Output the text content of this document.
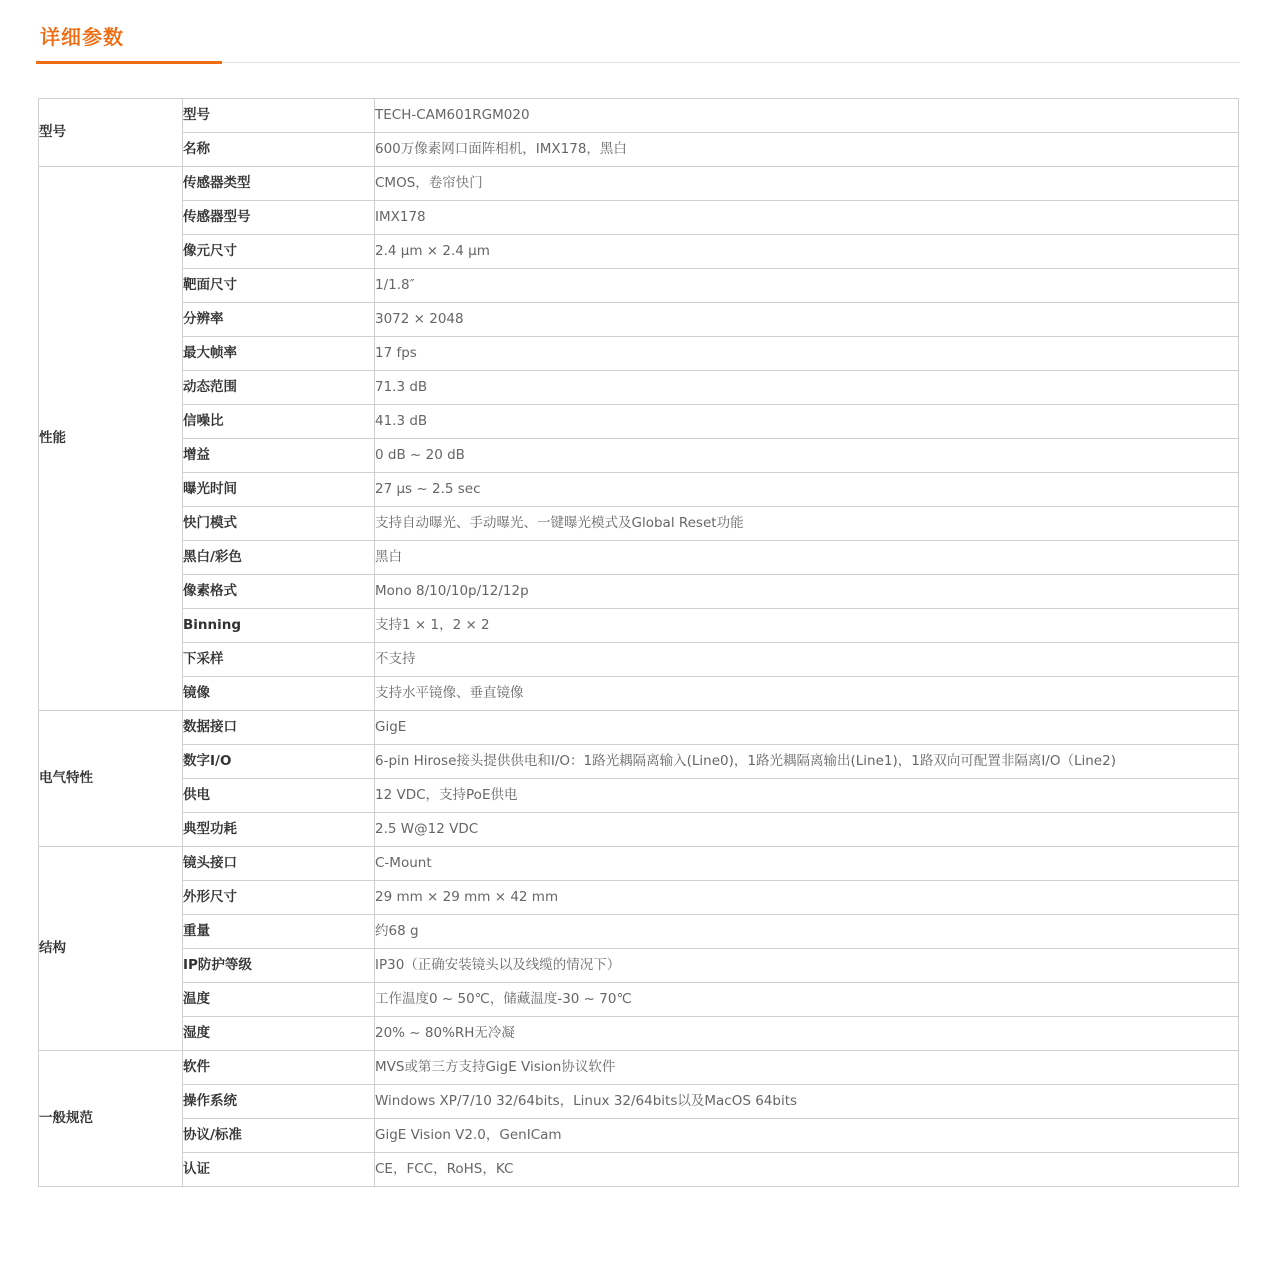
详细参数
型号	型号	TECH-CAM601RGM020
	名称	600万像素网口面阵相机，IMX178，黑白
性能	传感器类型	CMOS，卷帘快门
	传感器型号	IMX178
	像元尺寸	2.4 µm × 2.4 µm
	靶面尺寸	1/1.8″
	分辨率	3072 × 2048
	最大帧率	17 fps
	动态范围	71.3 dB
	信噪比	41.3 dB
	增益	0 dB ~ 20 dB
	曝光时间	27 µs ~ 2.5 sec
	快门模式	支持自动曝光、手动曝光、一键曝光模式及Global Reset功能
	黑白/彩色	黑白
	像素格式	Mono 8/10/10p/12/12p
	Binning	支持1 × 1，2 × 2
	下采样	不支持
	镜像	支持水平镜像、垂直镜像
电气特性	数据接口	GigE
	数字I/O	6-pin Hirose接头提供供电和I/O：1路光耦隔离输入(Line0)，1路光耦隔离输出(Line1)，1路双向可配置非隔离I/O（Line2)
	供电	12 VDC，支持PoE供电
	典型功耗	2.5 W@12 VDC
结构	镜头接口	C-Mount
	外形尺寸	29 mm × 29 mm × 42 mm
	重量	约68 g
	IP防护等级	IP30（正确安装镜头以及线缆的情况下）
	温度	工作温度0 ~ 50℃，储藏温度-30 ~ 70℃
	湿度	20% ~ 80%RH无冷凝
一般规范	软件	MVS或第三方支持GigE Vision协议软件
	操作系统	Windows XP/7/10 32/64bits，Linux 32/64bits以及MacOS 64bits
	协议/标准	GigE Vision V2.0，GenICam
	认证	CE，FCC，RoHS，KC
